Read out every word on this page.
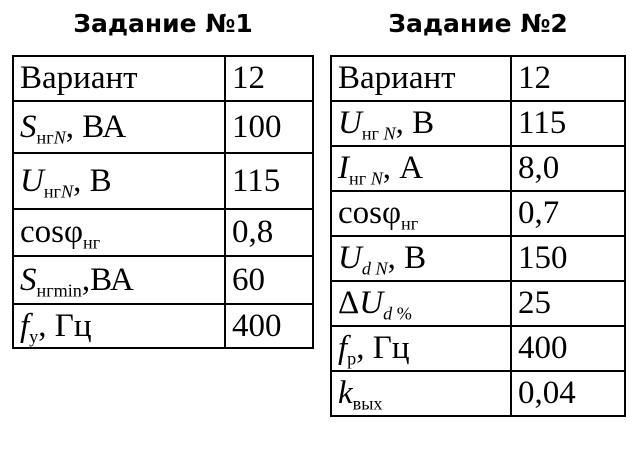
Задание №1	Задание №2
Вариант	12
$S_{нгN}$, ВА	100
$U_{нгN}$, В	115
cosφ$_{нг}$	0,8
$S_{нгmin},ВА$	60
$f_у$, Гц	400
Вариант	12
$U_{нг N}$, В	115
$I_{нг N}$, А	8,0
cosφ$_{нг}$	0,7
$U_{d N}$, В	150
$\Delta U_{d \%}$	25
$f_р$, Гц	400
$k_{вых}$	0,04
